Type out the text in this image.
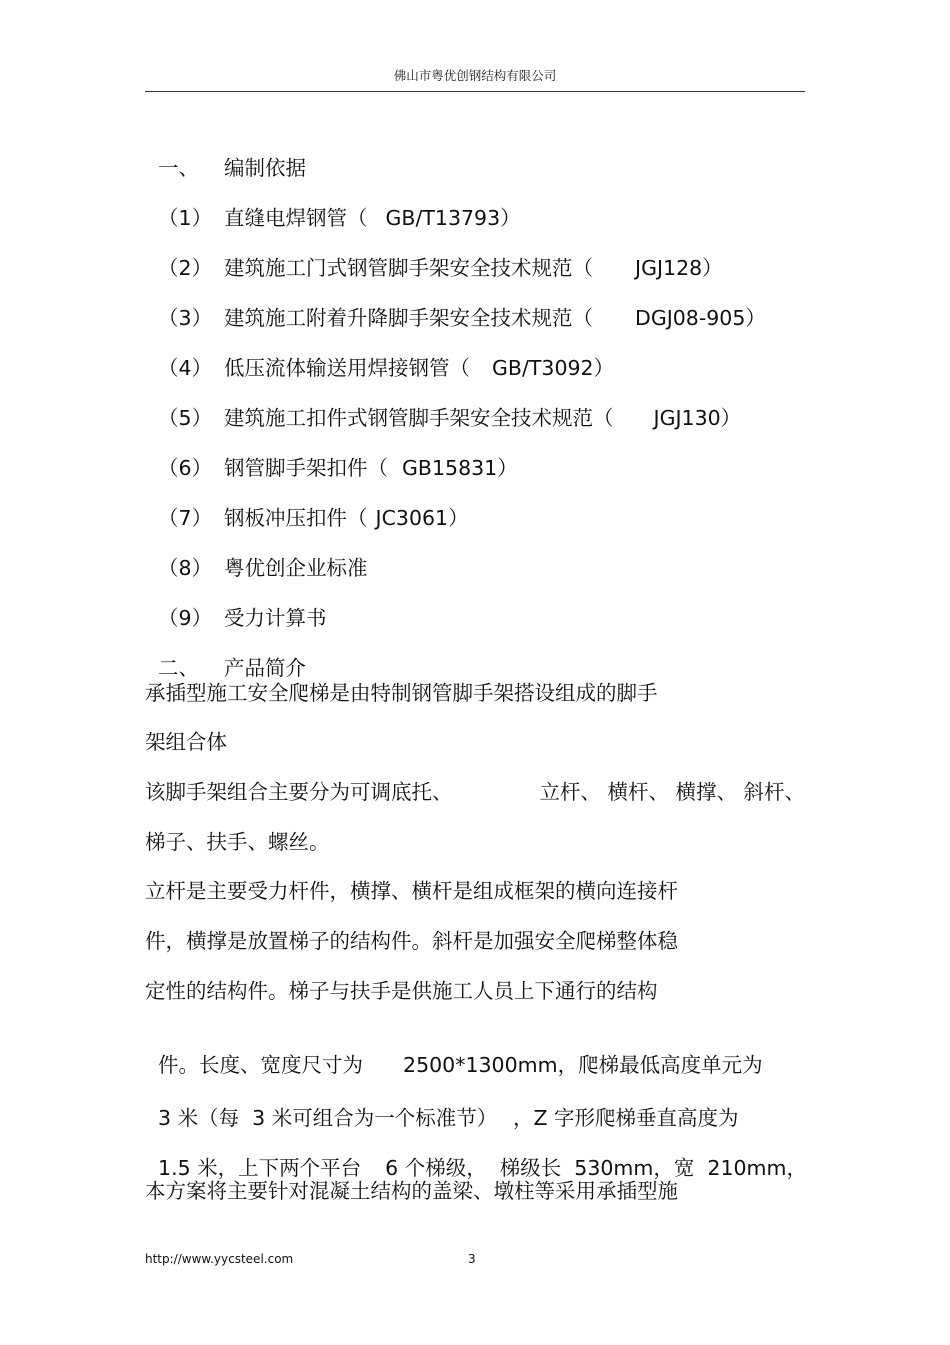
佛山市粤优创钢结构有限公司

一、 编制依据

（1） 直缝电焊钢管（ GB/T13793）

（2） 建筑施工门式钢管脚手架安全技术规范（ JGJ128）

（3） 建筑施工附着升降脚手架安全技术规范（ DGJ08-905）

（4） 低压流体输送用焊接钢管（ GB/T3092）

（5） 建筑施工扣件式钢管脚手架安全技术规范（ JGJ130）

（6） 钢管脚手架扣件（ GB15831）

（7） 钢板冲压扣件（ JC3061）

（8） 粤优创企业标准

（9） 受力计算书

二、 产品简介

承插型施工安全爬梯是由特制钢管脚手架搭设组成的脚手
架组合体
该脚手架组合主要分为可调底托、	立杆、 横杆、 横撑、 斜杆、
梯子、扶手、螺丝。
立杆是主要受力杆件，横撑、横杆是组成框架的横向连接杆
件，横撑是放置梯子的结构件。斜杆是加强安全爬梯整体稳
定性的结构件。梯子与扶手是供施工人员上下通行的结构

件。长度、宽度尺寸为 2500*1300mm，爬梯最低高度单元为

3 米（每  3 米可组合为一个标准节） ，Z 字形爬梯垂直高度为

1.5 米，上下两个平台 6 个梯级，  梯级长  530mm，宽  210mm，

本方案将主要针对混凝土结构的盖梁、墩柱等采用承插型施
http://www.yycsteel.com	3
